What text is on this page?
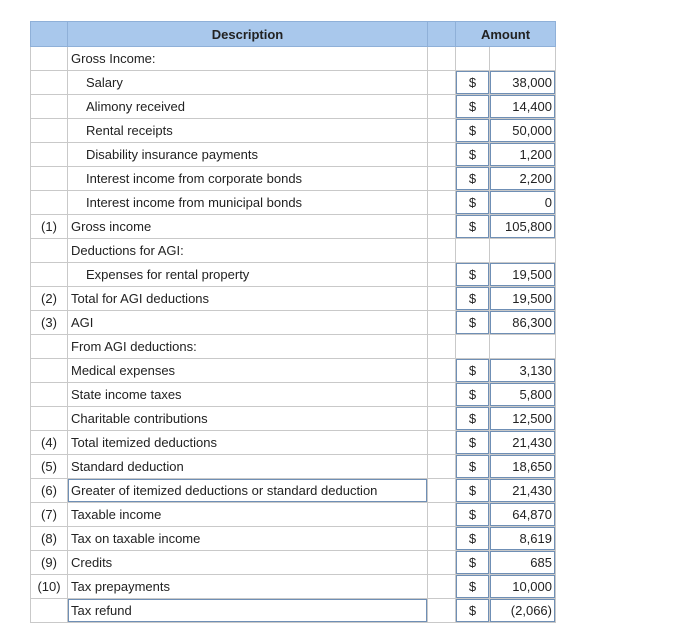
	Description		Amount	
	Gross Income:			
	Salary		$	38,000
	Alimony received		$	14,400
	Rental receipts		$	50,000
	Disability insurance payments		$	1,200
	Interest income from corporate bonds		$	2,200
	Interest income from municipal bonds		$	0
(1)	Gross income		$	105,800
	Deductions for AGI:			
	Expenses for rental property		$	19,500
(2)	Total for AGI deductions		$	19,500
(3)	AGI		$	86,300
	From AGI deductions:			
	Medical expenses		$	3,130
	State income taxes		$	5,800
	Charitable contributions		$	12,500
(4)	Total itemized deductions		$	21,430
(5)	Standard deduction		$	18,650
(6)	Greater of itemized deductions or standard deduction		$	21,430
(7)	Taxable income		$	64,870
(8)	Tax on taxable income		$	8,619
(9)	Credits		$	685
(10)	Tax prepayments		$	10,000
	Tax refund		$	(2,066)
